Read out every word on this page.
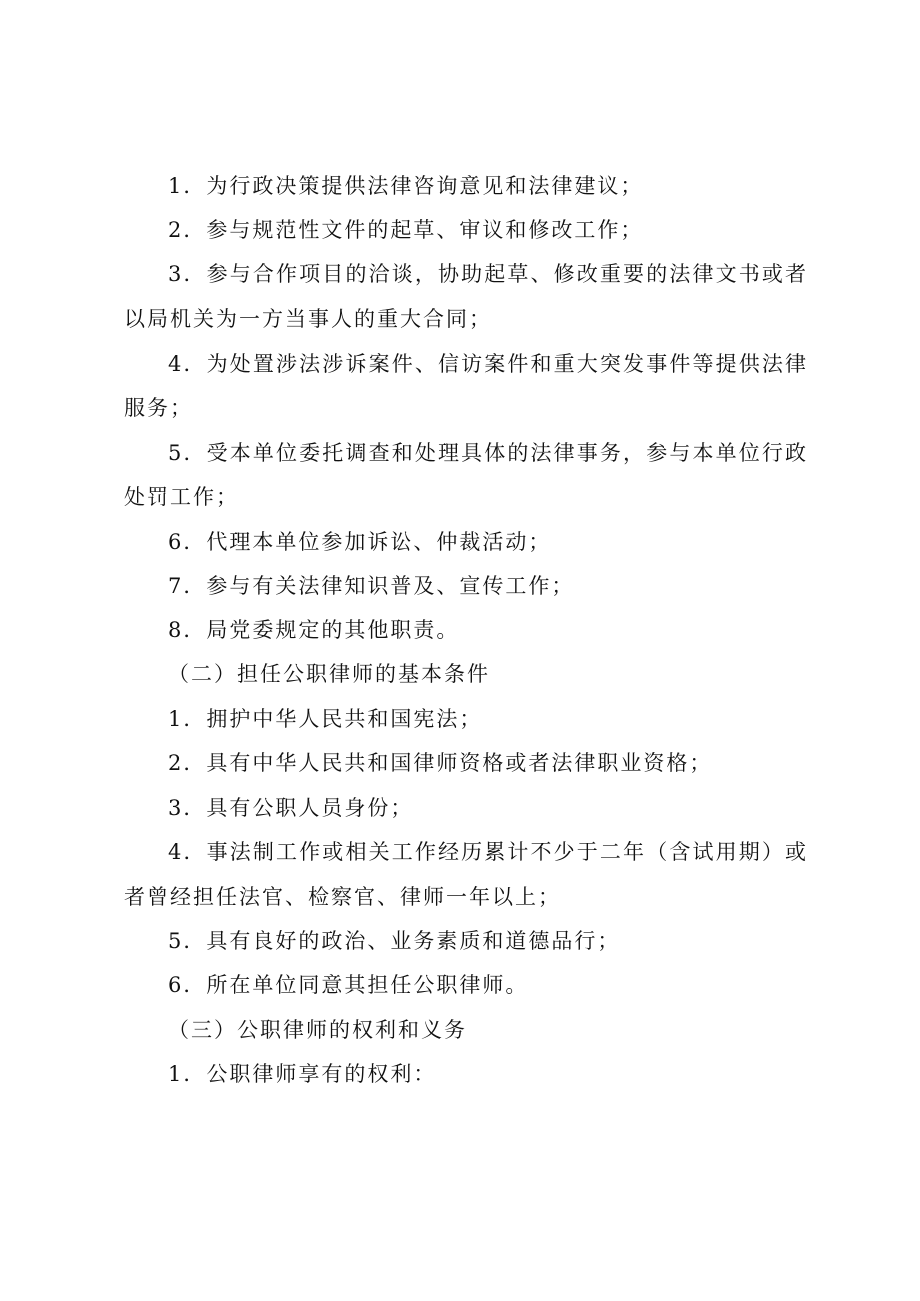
1．为行政决策提供法律咨询意见和法律建议；
2．参与规范性文件的起草、审议和修改工作；
3．参与合作项目的洽谈，协助起草、修改重要的法律文书或者
以局机关为一方当事人的重大合同；
4．为处置涉法涉诉案件、信访案件和重大突发事件等提供法律
服务；
5．受本单位委托调查和处理具体的法律事务，参与本单位行政
处罚工作；
6．代理本单位参加诉讼、仲裁活动；
7．参与有关法律知识普及、宣传工作；
8．局党委规定的其他职责。
（二）担任公职律师的基本条件
1．拥护中华人民共和国宪法；
2．具有中华人民共和国律师资格或者法律职业资格；
3．具有公职人员身份；
4．事法制工作或相关工作经历累计不少于二年（含试用期）或
者曾经担任法官、检察官、律师一年以上；
5．具有良好的政治、业务素质和道德品行；
6．所在单位同意其担任公职律师。
（三）公职律师的权利和义务
1．公职律师享有的权利：
